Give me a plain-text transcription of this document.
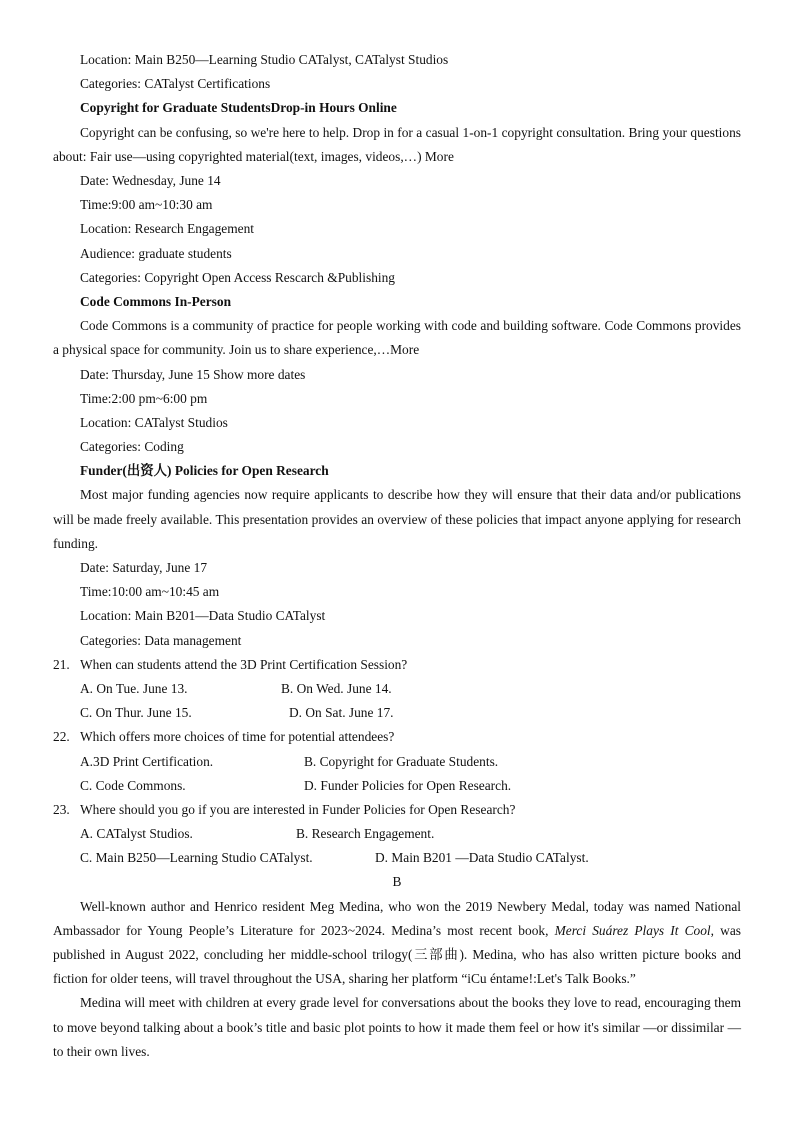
Location: Main B250—Learning Studio CATalyst, CATalyst Studios
Categories: CATalyst Certifications
Copyright for Graduate StudentsDrop-in Hours Online
Copyright can be confusing, so we're here to help. Drop in for a casual 1-on-1 copyright consultation. Bring your questions about: Fair use—using copyrighted material(text, images, videos,…) More
Date: Wednesday, June 14
Time:9:00 am~10:30 am
Location: Research Engagement
Audience: graduate students
Categories: Copyright Open Access Rescarch &Publishing
Code Commons In-Person
Code Commons is a community of practice for people working with code and building software. Code Commons provides a physical space for community. Join us to share experience,…More
Date: Thursday, June 15 Show more dates
Time:2:00 pm~6:00 pm
Location: CATalyst Studios
Categories: Coding
Funder(出资人) Policies for Open Research
Most major funding agencies now require applicants to describe how they will ensure that their data and/or publications will be made freely available. This presentation provides an overview of these policies that impact anyone applying for research funding.
Date: Saturday, June 17
Time:10:00 am~10:45 am
Location: Main B201—Data Studio CATalyst
Categories: Data management
21. When can students attend the 3D Print Certification Session?
A. On Tue. June 13.	B. On Wed. June 14.
C. On Thur. June 15.	D. On Sat. June 17.
22. Which offers more choices of time for potential attendees?
A.3D Print Certification.	B. Copyright for Graduate Students.
C. Code Commons.	D. Funder Policies for Open Research.
23. Where should you go if you are interested in Funder Policies for Open Research?
A. CATalyst Studios.	B. Research Engagement.
C. Main B250—Learning Studio CATalyst.	D. Main B201 —Data Studio CATalyst.
B
Well-known author and Henrico resident Meg Medina, who won the 2019 Newbery Medal, today was named National Ambassador for Young People’s Literature for 2023~2024. Medina’s most recent book, Merci Suárez Plays It Cool, was published in August 2022, concluding her middle-school trilogy(三部曲). Medina, who has also written picture books and fiction for older teens, will travel throughout the USA, sharing her platform “iCu éntame!:Let's Talk Books.”
Medina will meet with children at every grade level for conversations about the books they love to read, encouraging them to move beyond talking about a book’s title and basic plot points to how it made them feel or how it's similar —or dissimilar —to their own lives.
